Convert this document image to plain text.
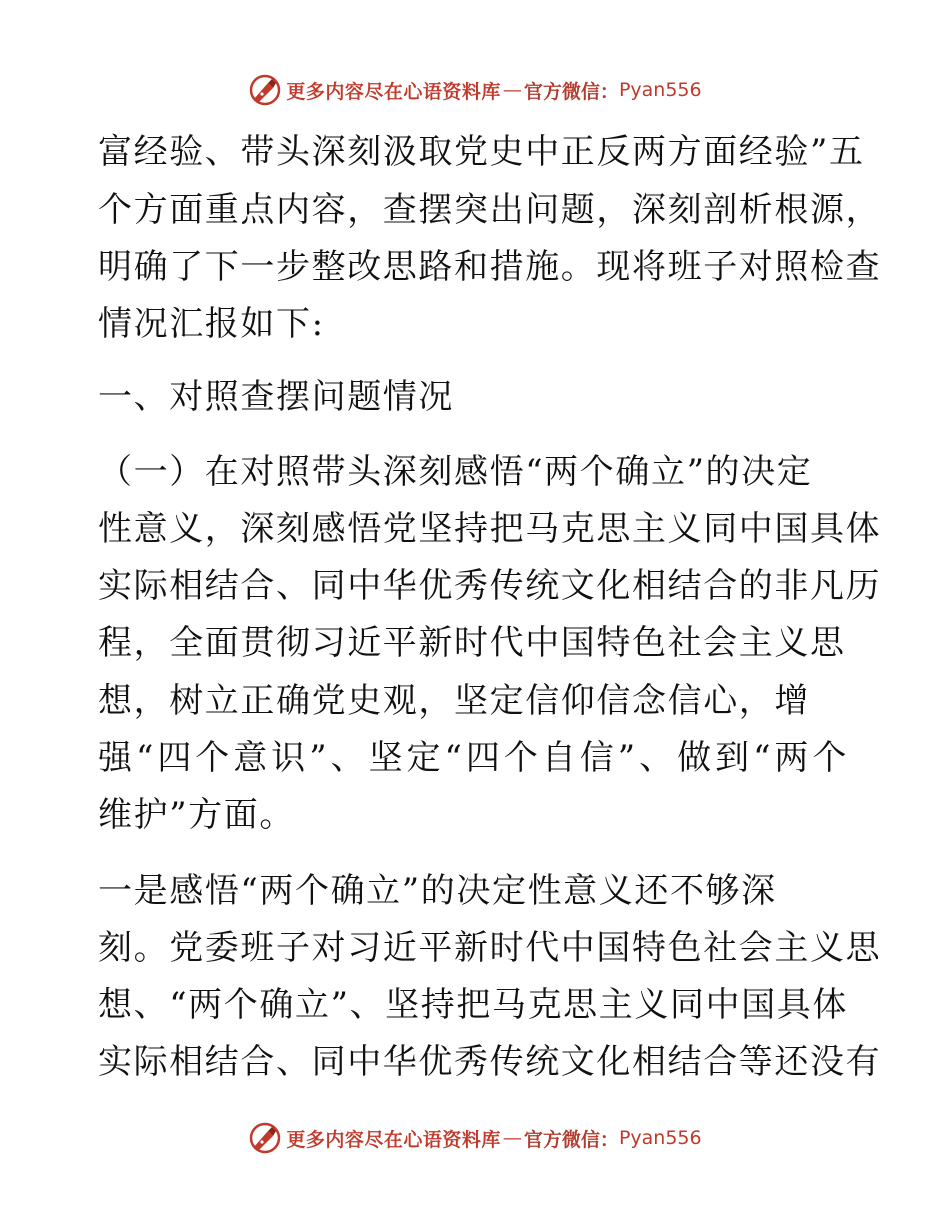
更多内容尽在心语资料库 — 官方微信： Pyan556
富经验、带头深刻汲取党史中正反两方面经验”五
个方面重点内容，查摆突出问题，深刻剖析根源，
明确了下一步整改思路和措施。现将班子对照检查
情况汇报如下:
一、对照查摆问题情况
（一）在对照带头深刻感悟“两个确立”的决定
性意义，深刻感悟党坚持把马克思主义同中国具体
实际相结合、同中华优秀传统文化相结合的非凡历
程，全面贯彻习近平新时代中国特色社会主义思
想，树立正确党史观，坚定信仰信念信心，增
强“四个意识”、坚定“四个自信”、做到“两个
维护”方面。
一是感悟“两个确立”的决定性意义还不够深
刻。党委班子对习近平新时代中国特色社会主义思
想、“两个确立”、坚持把马克思主义同中国具体
实际相结合、同中华优秀传统文化相结合等还没有
更多内容尽在心语资料库 — 官方微信： Pyan556
